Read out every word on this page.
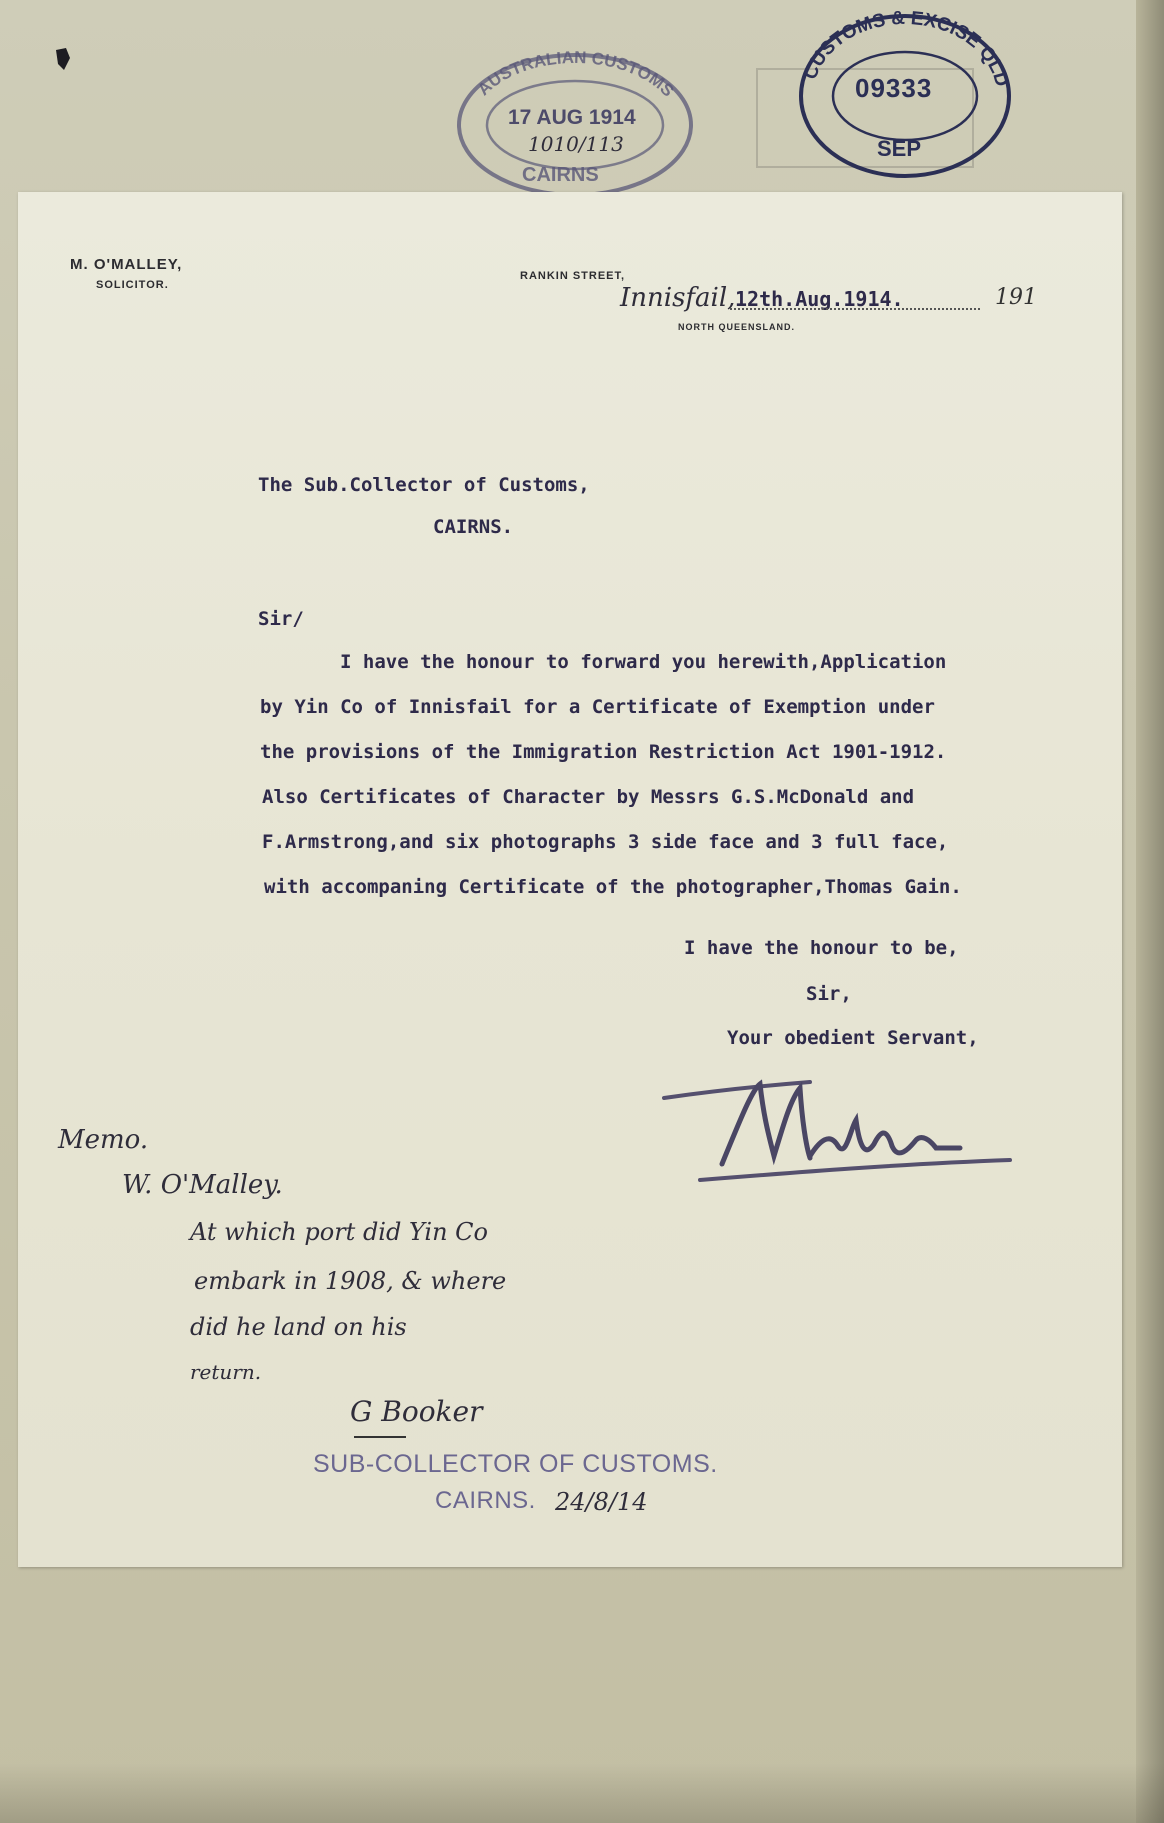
AUSTRALIAN CUSTOMS
17 AUG 1914
1010/113
CAIRNS
CUSTOMS & EXCISE QLD
09333
SEP
M. O'MALLEY,
SOLICITOR.
RANKIN STREET,
Innisfail, 12th.Aug.1914.	191
NORTH QUEENSLAND.
The Sub.Collector of Customs,
CAIRNS.
Sir/
I have the honour to forward you herewith,Application
by Yin Co of Innisfail for a Certificate of Exemption under
the provisions of the Immigration Restriction Act 1901-1912.
Also Certificates of Character by Messrs G.S.McDonald and
F.Armstrong,and six photographs 3 side face and 3 full face,
with accompaning Certificate of the photographer,Thomas Gain.
I have the honour to be,
Sir,
Your obedient Servant,
Memo.
W. O'Malley.
At which port did Yin Co
embark in 1908, & where
did he land on his
return.
G Booker
SUB-COLLECTOR OF CUSTOMS.
CAIRNS. 24/8/14
